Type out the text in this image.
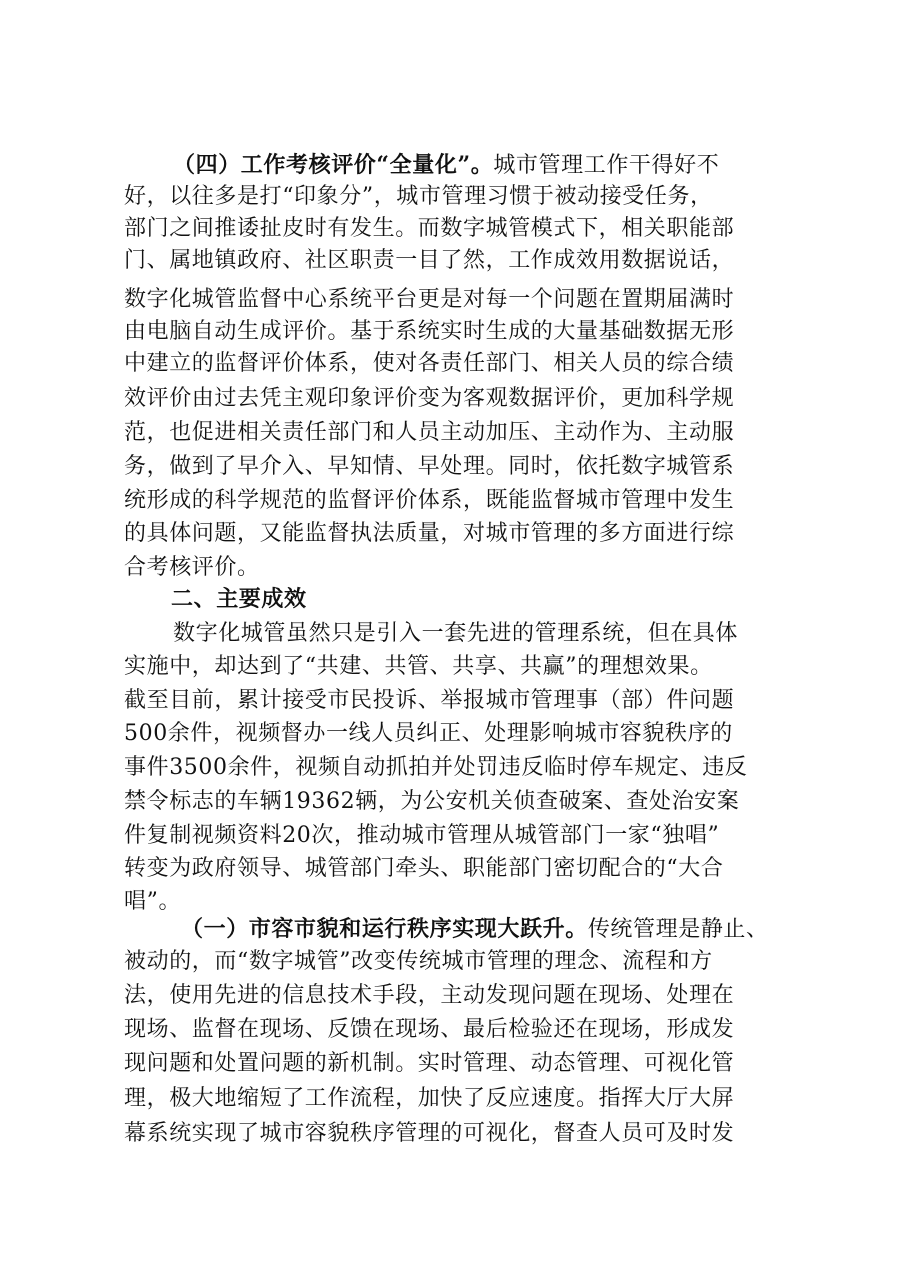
（四）工作考核评价“全量化”。城市管理工作干得好不
好，以往多是打“印象分”，城市管理习惯于被动接受任务，
部门之间推诿扯皮时有发生。而数字城管模式下，相关职能部
门、属地镇政府、社区职责一目了然，工作成效用数据说话，
数字化城管监督中心系统平台更是对每一个问题在置期届满时
由电脑自动生成评价。基于系统实时生成的大量基础数据无形
中建立的监督评价体系，使对各责任部门、相关人员的综合绩
效评价由过去凭主观印象评价变为客观数据评价，更加科学规
范，也促进相关责任部门和人员主动加压、主动作为、主动服
务，做到了早介入、早知情、早处理。同时，依托数字城管系
统形成的科学规范的监督评价体系，既能监督城市管理中发生
的具体问题，又能监督执法质量，对城市管理的多方面进行综
合考核评价。
二、主要成效
数字化城管虽然只是引入一套先进的管理系统，但在具体
实施中，却达到了“共建、共管、共享、共赢”的理想效果。
截至目前，累计接受市民投诉、举报城市管理事（部）件问题
500余件，视频督办一线人员纠正、处理影响城市容貌秩序的
事件3500余件，视频自动抓拍并处罚违反临时停车规定、违反
禁令标志的车辆19362辆，为公安机关侦查破案、查处治安案
件复制视频资料20次，推动城市管理从城管部门一家“独唱”
转变为政府领导、城管部门牵头、职能部门密切配合的“大合
唱”。
（一）市容市貌和运行秩序实现大跃升。传统管理是静止、
被动的，而“数字城管”改变传统城市管理的理念、流程和方
法，使用先进的信息技术手段，主动发现问题在现场、处理在
现场、监督在现场、反馈在现场、最后检验还在现场，形成发
现问题和处置问题的新机制。实时管理、动态管理、可视化管
理，极大地缩短了工作流程，加快了反应速度。指挥大厅大屏
幕系统实现了城市容貌秩序管理的可视化，督查人员可及时发
